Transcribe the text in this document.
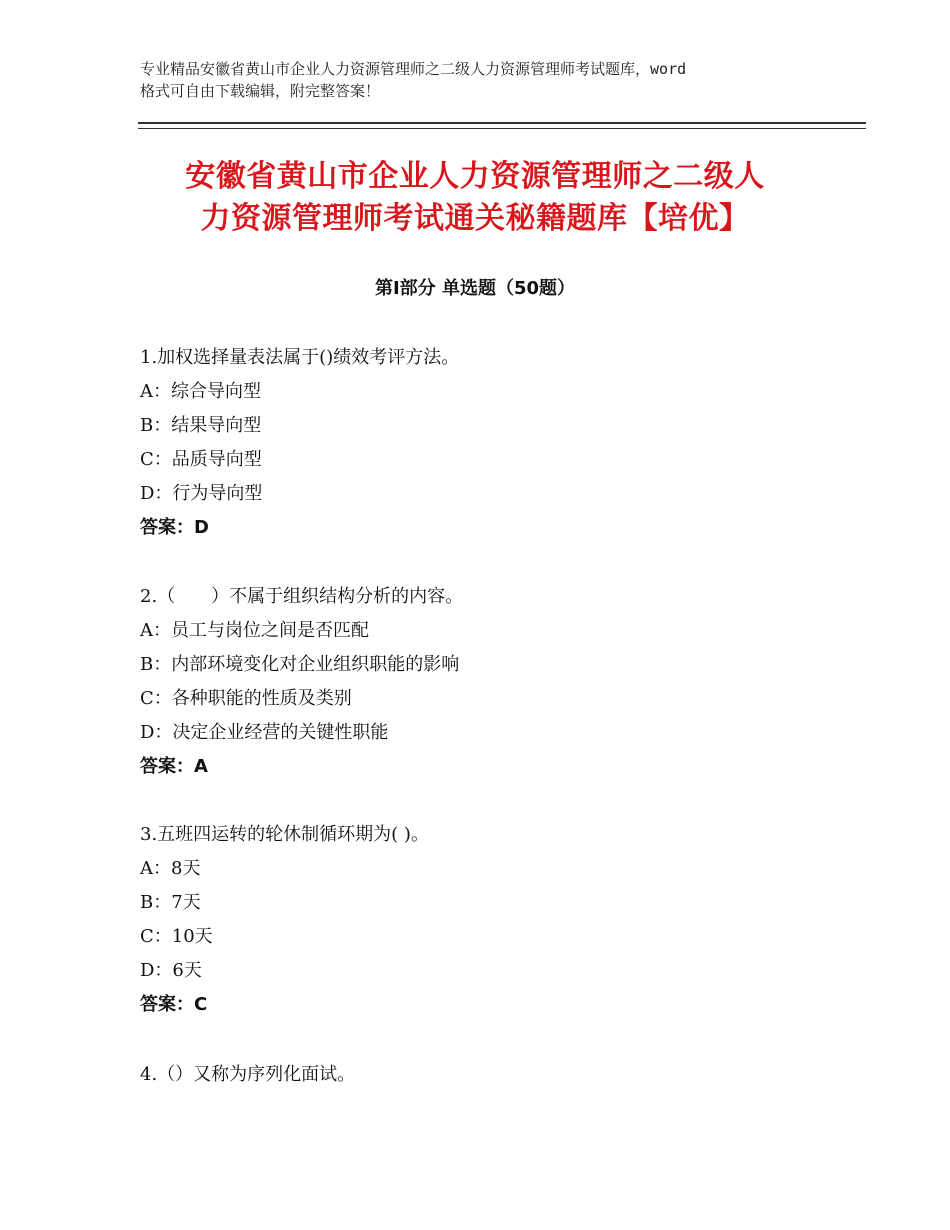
专业精品安徽省黄山市企业人力资源管理师之二级人力资源管理师考试题库，word
格式可自由下载编辑，附完整答案！
安徽省黄山市企业人力资源管理师之二级人
力资源管理师考试通关秘籍题库【培优】
第Ⅰ部分 单选题（50题）
1.加权选择量表法属于()绩效考评方法。
A：综合导向型
B：结果导向型
C：品质导向型
D：行为导向型
答案：D
2.（　　）不属于组织结构分析的内容。
A：员工与岗位之间是否匹配
B：内部环境变化对企业组织职能的影响
C：各种职能的性质及类别
D：决定企业经营的关键性职能
答案：A
3.五班四运转的轮休制循环期为( )。
A：8天
B：7天
C：10天
D：6天
答案：C
4.（）又称为序列化面试。
